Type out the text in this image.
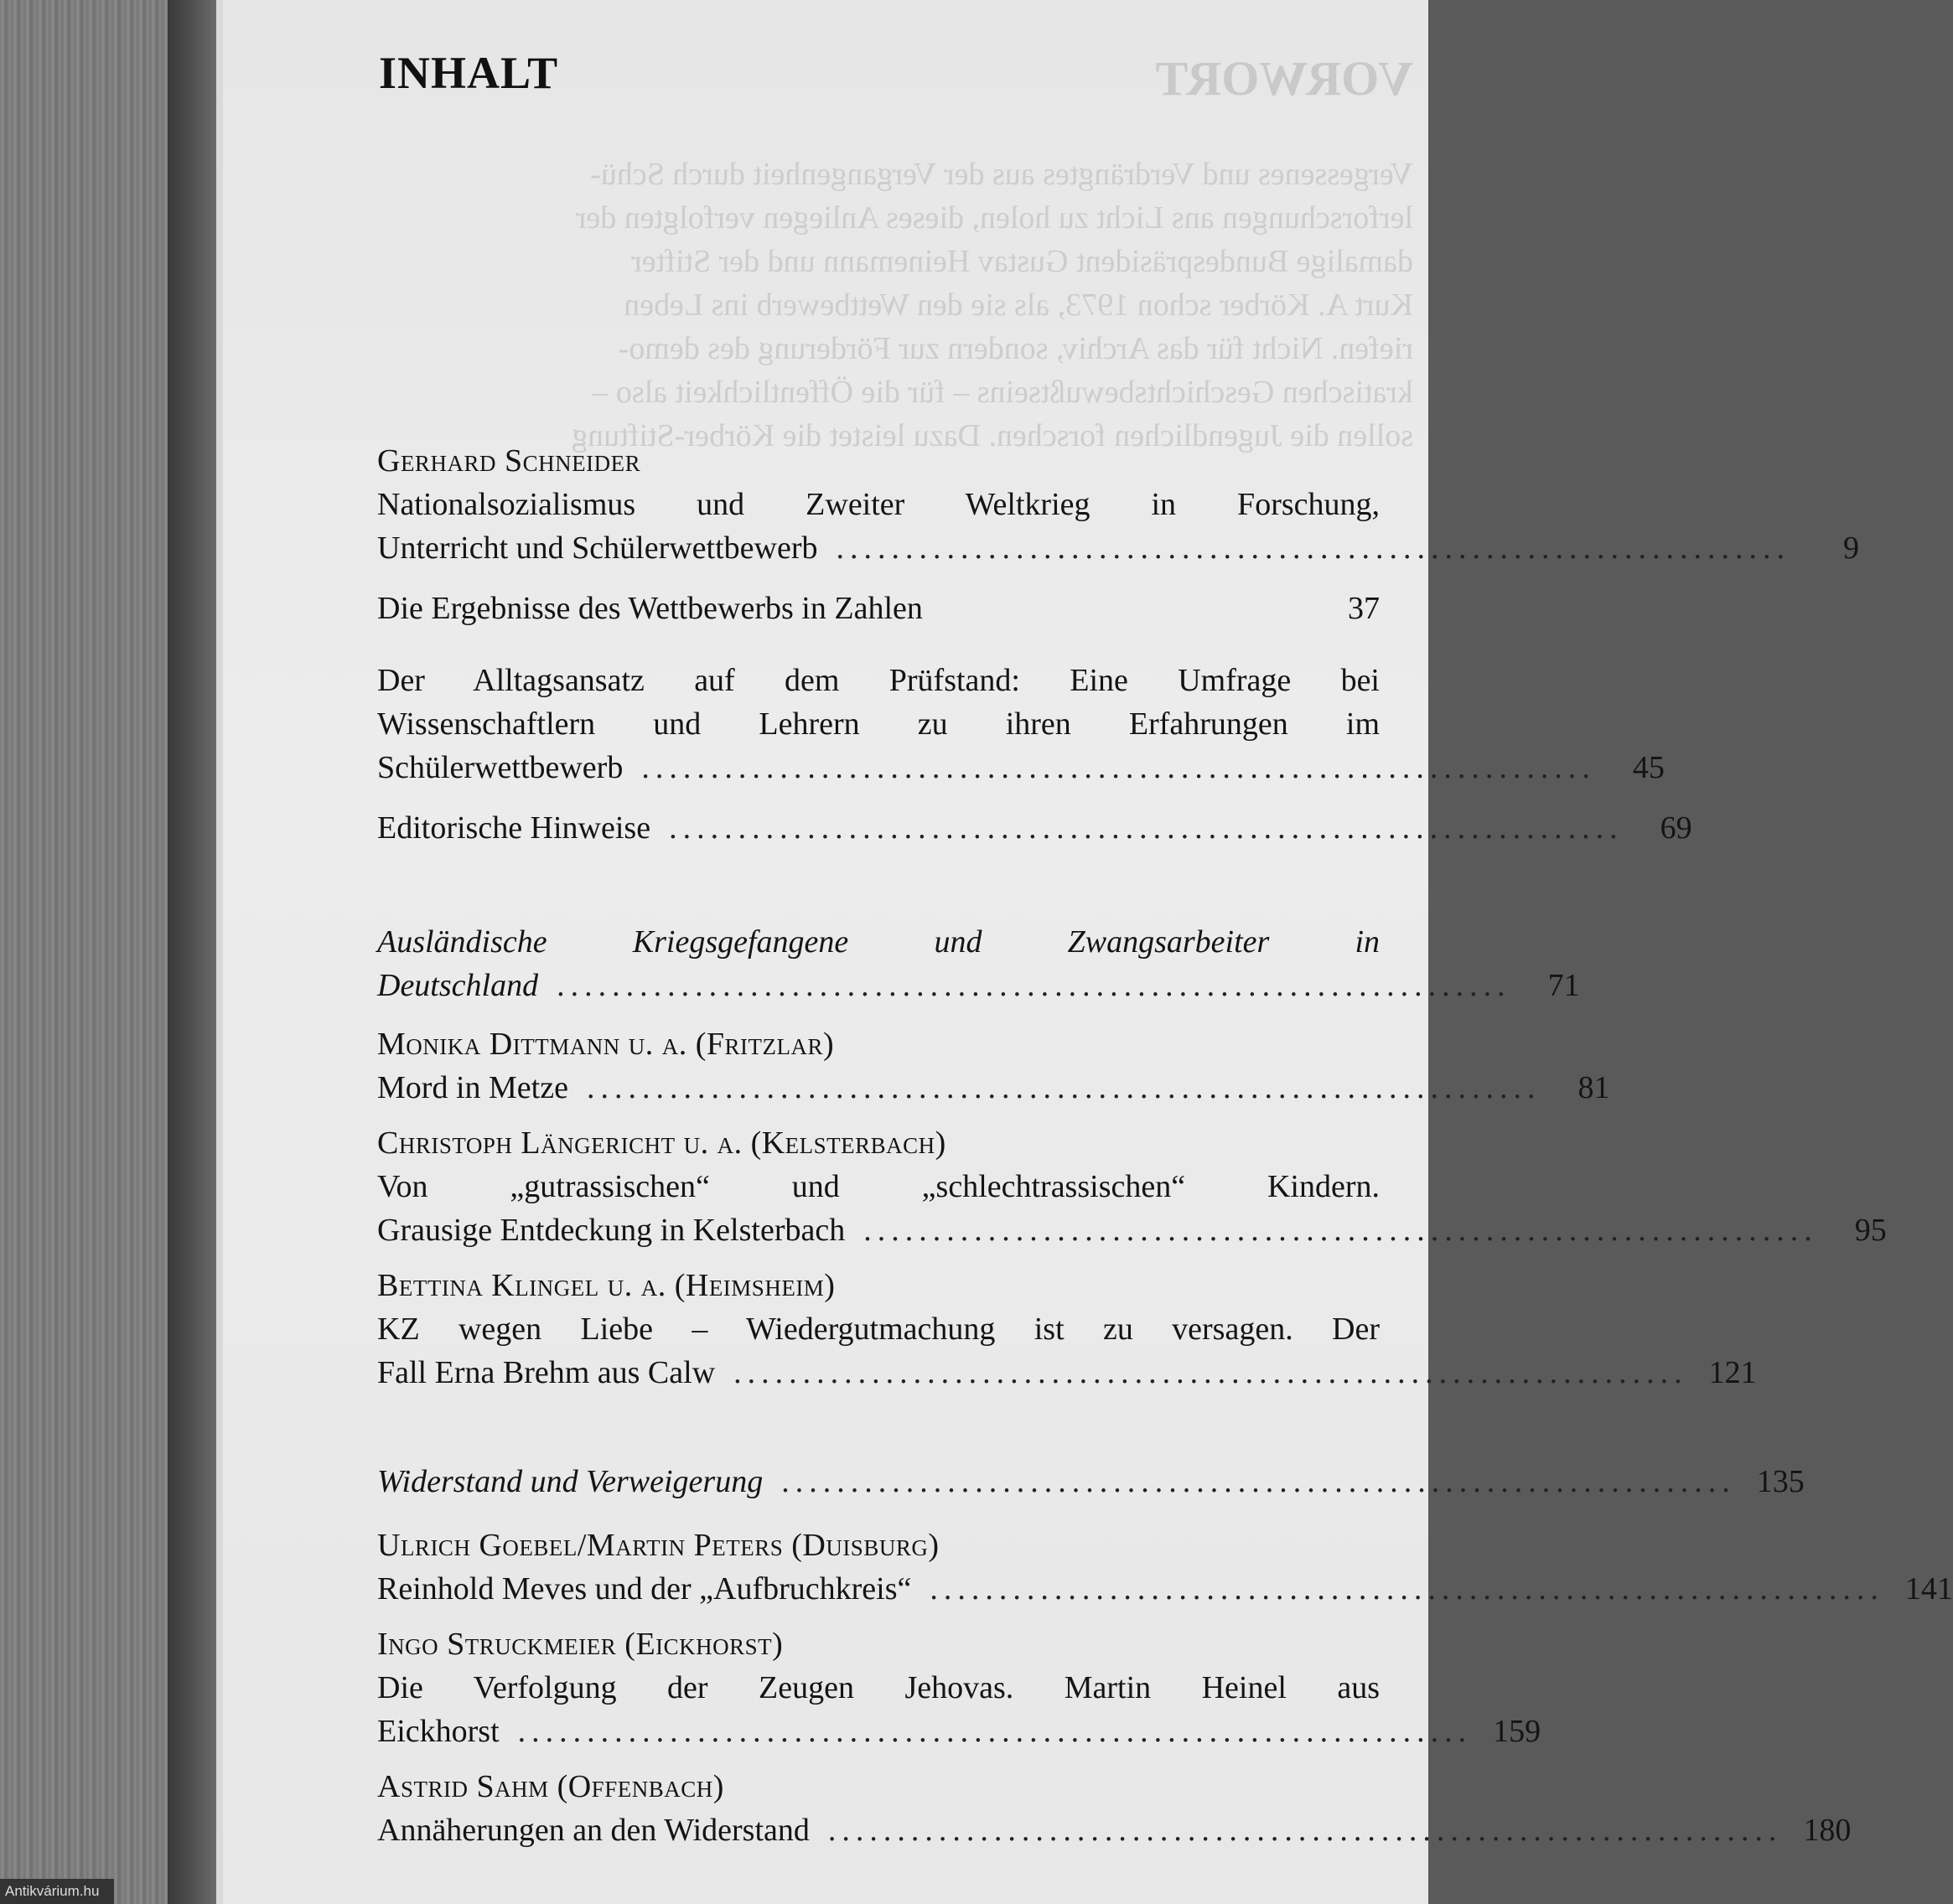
VORWORT
Vergessenes und Verdrängtes aus der Vergangenheit durch Schü-
lerforschungen ans Licht zu holen, dieses Anliegen verfolgten der
damalige Bundespräsident Gustav Heinemann und der Stifter
Kurt A. Körber schon 1973, als sie den Wettbewerb ins Leben
riefen. Nicht für das Archiv, sondern zur Förderung des demo-
kratischen Geschichtsbewußtseins – für die Öffentlichkeit also –
sollen die Jugendlichen forschen. Dazu leistet die Körber-Stiftung
INHALT
Gerhard Schneider
Nationalsozialismus und Zweiter Weltkrieg in Forschung,
Unterricht und Schülerwettbewerb .....................................................................	9
Die Ergebnisse des Wettbewerbs in Zahlen	37
Der Alltagsansatz auf dem Prüfstand: Eine Umfrage bei
Wissenschaftlern und Lehrern zu ihren Erfahrungen im
Schülerwettbewerb .....................................................................	45
Editorische Hinweise .....................................................................	69
Ausländische Kriegsgefangene und Zwangsarbeiter in
Deutschland .....................................................................	71
Monika Dittmann u. a. (Fritzlar)
Mord in Metze .....................................................................	81
Christoph Längericht u. a. (Kelsterbach)
Von „gutrassischen“ und „schlechtrassischen“ Kindern.
Grausige Entdeckung in Kelsterbach .....................................................................	95
Bettina Klingel u. a. (Heimsheim)
KZ wegen Liebe – Wiedergutmachung ist zu versagen. Der
Fall Erna Brehm aus Calw ..................................................................... 121
Widerstand und Verweigerung ..................................................................... 135
Ulrich Goebel/Martin Peters (Duisburg)
Reinhold Meves und der „Aufbruchkreis“ ..................................................................... 141
Ingo Struckmeier (Eickhorst)
Die Verfolgung der Zeugen Jehovas. Martin Heinel aus
Eickhorst ..................................................................... 159
Astrid Sahm (Offenbach)
Annäherungen an den Widerstand ..................................................................... 180
Antikvárium.hu
